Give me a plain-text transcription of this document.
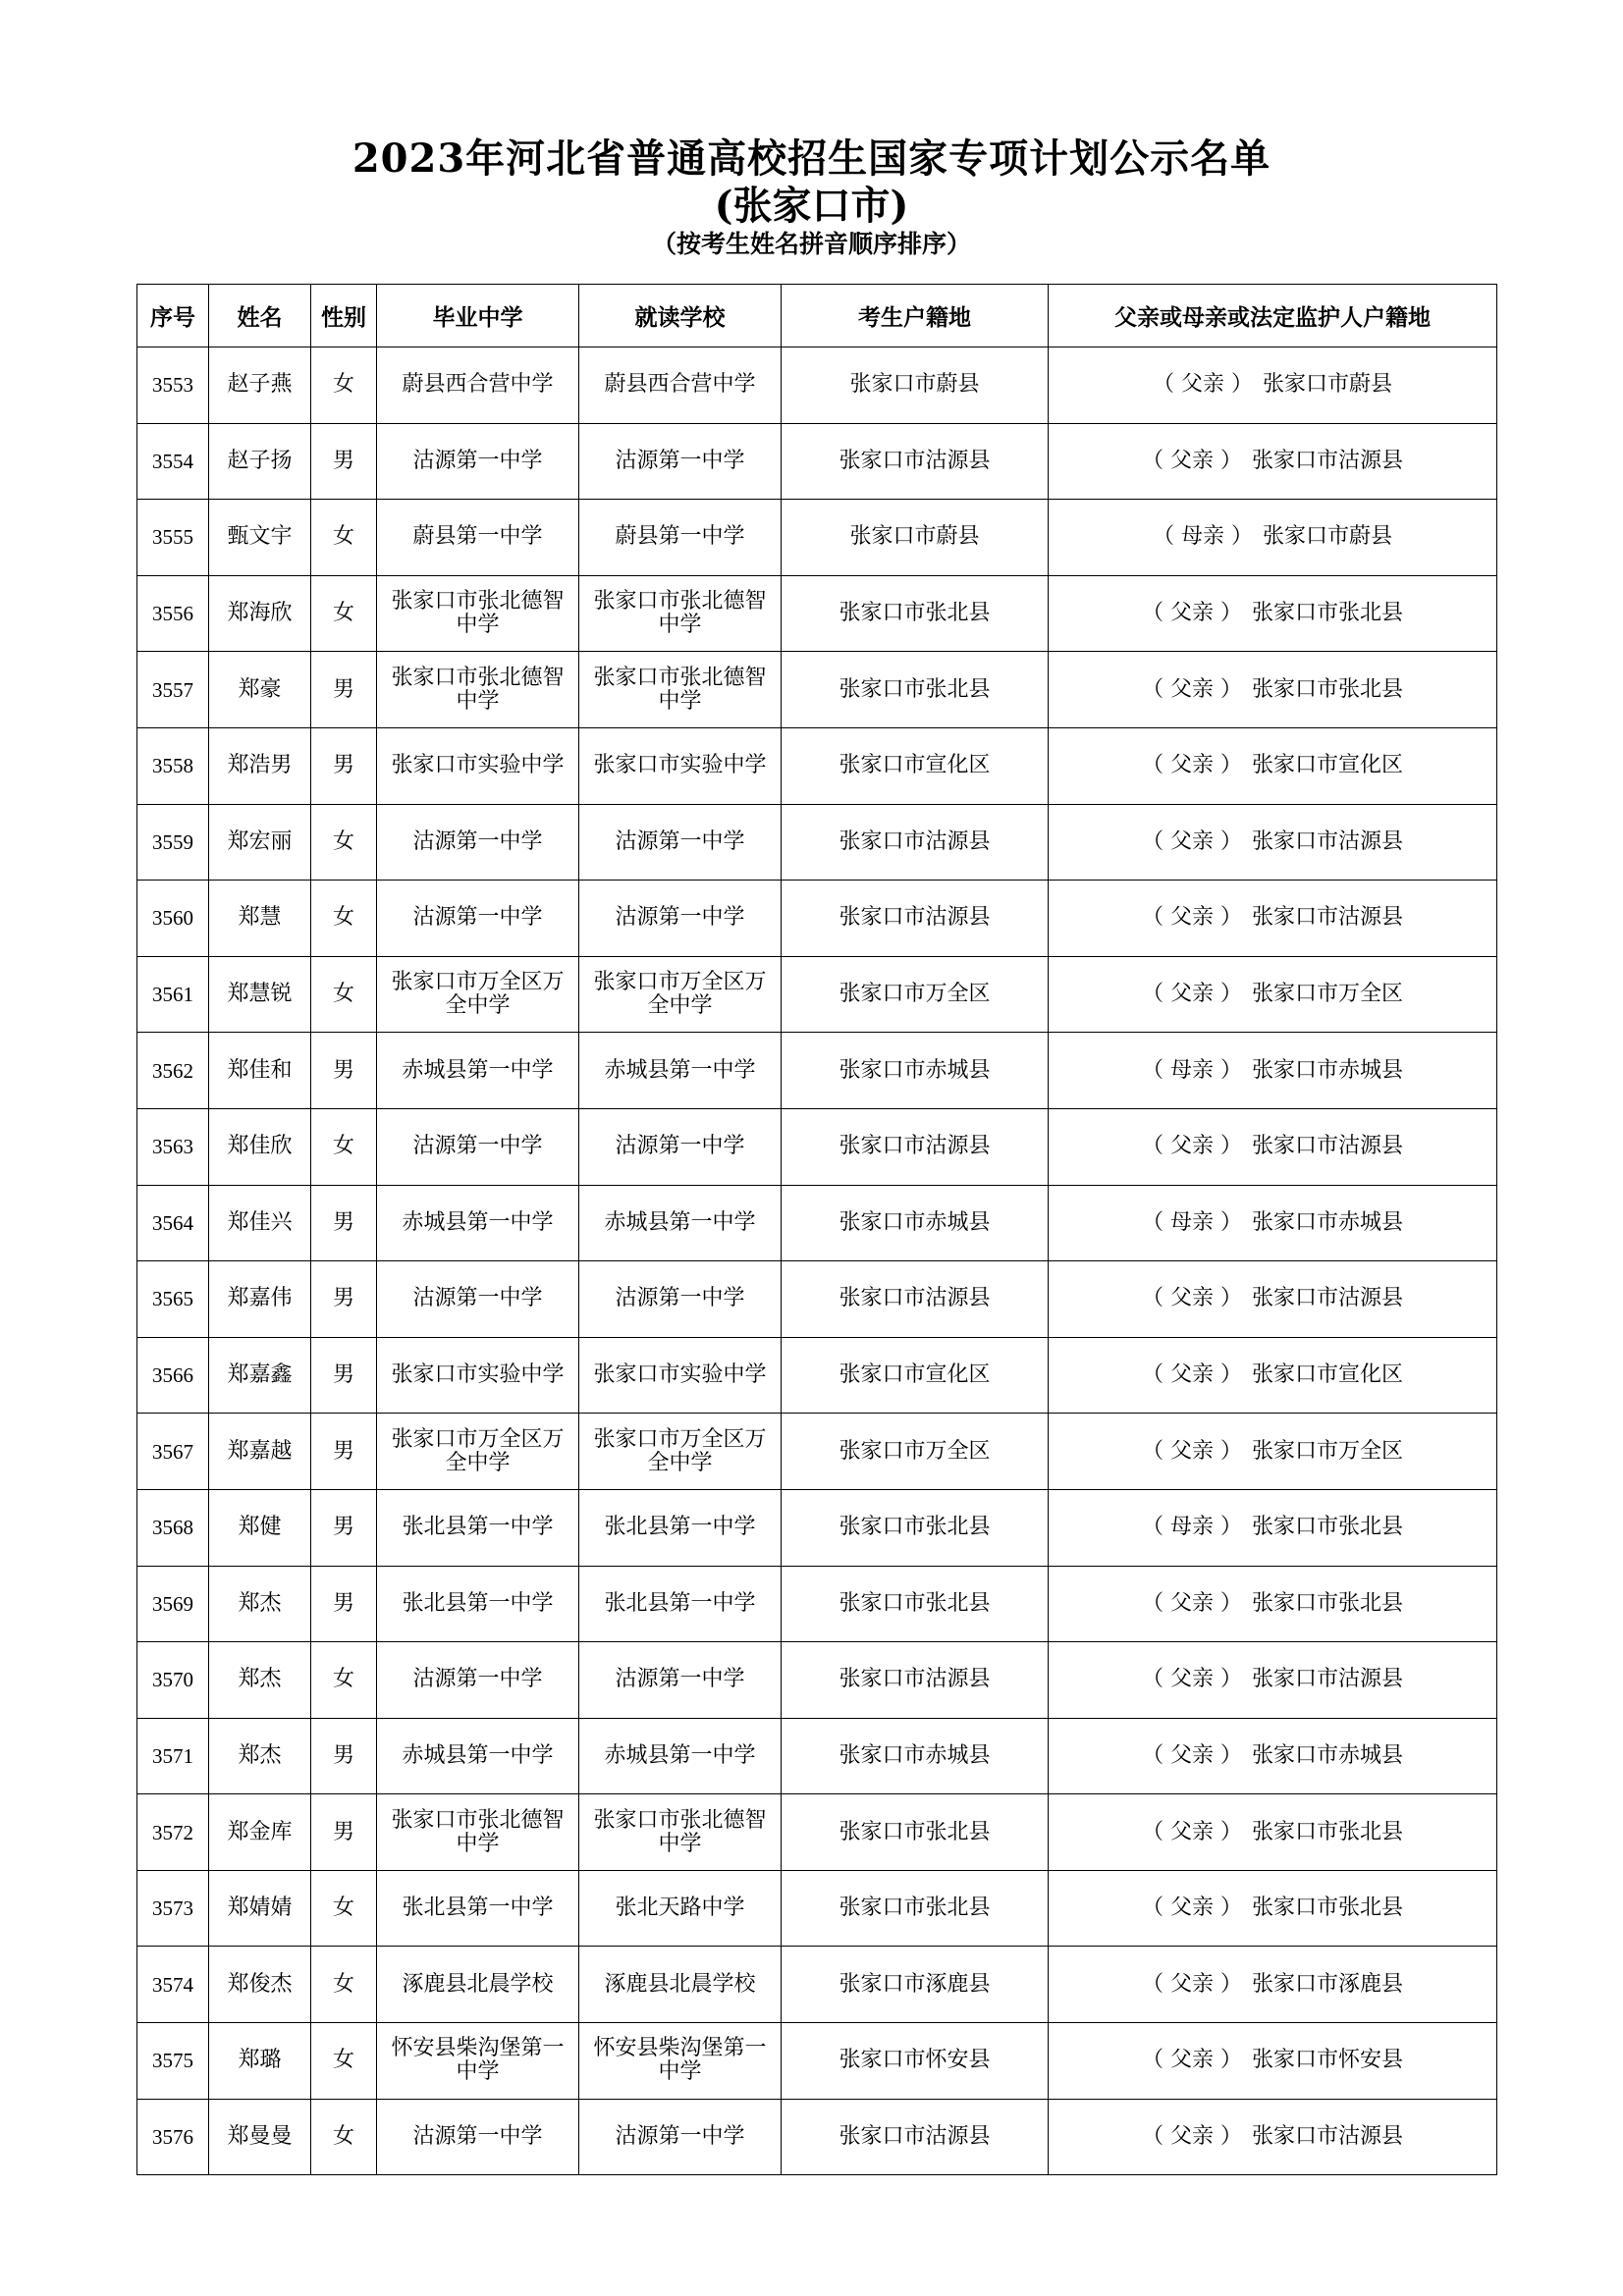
2023年河北省普通高校招生国家专项计划公示名单
(张家口市)
（按考生姓名拼音顺序排序）
序号	姓名	性别	毕业中学	就读学校	考生户籍地	父亲或母亲或法定监护人户籍地
3553	赵子燕	女	蔚县西合营中学	蔚县西合营中学	张家口市蔚县	（ 父亲 ） 张家口市蔚县
3554	赵子扬	男	沽源第一中学	沽源第一中学	张家口市沽源县	（ 父亲 ） 张家口市沽源县
3555	甄文宇	女	蔚县第一中学	蔚县第一中学	张家口市蔚县	（ 母亲 ） 张家口市蔚县
3556	郑海欣	女	张家口市张北德智中学	张家口市张北德智中学	张家口市张北县	（ 父亲 ） 张家口市张北县
3557	郑豪	男	张家口市张北德智中学	张家口市张北德智中学	张家口市张北县	（ 父亲 ） 张家口市张北县
3558	郑浩男	男	张家口市实验中学	张家口市实验中学	张家口市宣化区	（ 父亲 ） 张家口市宣化区
3559	郑宏丽	女	沽源第一中学	沽源第一中学	张家口市沽源县	（ 父亲 ） 张家口市沽源县
3560	郑慧	女	沽源第一中学	沽源第一中学	张家口市沽源县	（ 父亲 ） 张家口市沽源县
3561	郑慧锐	女	张家口市万全区万全中学	张家口市万全区万全中学	张家口市万全区	（ 父亲 ） 张家口市万全区
3562	郑佳和	男	赤城县第一中学	赤城县第一中学	张家口市赤城县	（ 母亲 ） 张家口市赤城县
3563	郑佳欣	女	沽源第一中学	沽源第一中学	张家口市沽源县	（ 父亲 ） 张家口市沽源县
3564	郑佳兴	男	赤城县第一中学	赤城县第一中学	张家口市赤城县	（ 母亲 ） 张家口市赤城县
3565	郑嘉伟	男	沽源第一中学	沽源第一中学	张家口市沽源县	（ 父亲 ） 张家口市沽源县
3566	郑嘉鑫	男	张家口市实验中学	张家口市实验中学	张家口市宣化区	（ 父亲 ） 张家口市宣化区
3567	郑嘉越	男	张家口市万全区万全中学	张家口市万全区万全中学	张家口市万全区	（ 父亲 ） 张家口市万全区
3568	郑健	男	张北县第一中学	张北县第一中学	张家口市张北县	（ 母亲 ） 张家口市张北县
3569	郑杰	男	张北县第一中学	张北县第一中学	张家口市张北县	（ 父亲 ） 张家口市张北县
3570	郑杰	女	沽源第一中学	沽源第一中学	张家口市沽源县	（ 父亲 ） 张家口市沽源县
3571	郑杰	男	赤城县第一中学	赤城县第一中学	张家口市赤城县	（ 父亲 ） 张家口市赤城县
3572	郑金库	男	张家口市张北德智中学	张家口市张北德智中学	张家口市张北县	（ 父亲 ） 张家口市张北县
3573	郑婧婧	女	张北县第一中学	张北天路中学	张家口市张北县	（ 父亲 ） 张家口市张北县
3574	郑俊杰	女	涿鹿县北晨学校	涿鹿县北晨学校	张家口市涿鹿县	（ 父亲 ） 张家口市涿鹿县
3575	郑璐	女	怀安县柴沟堡第一中学	怀安县柴沟堡第一中学	张家口市怀安县	（ 父亲 ） 张家口市怀安县
3576	郑曼曼	女	沽源第一中学	沽源第一中学	张家口市沽源县	（ 父亲 ） 张家口市沽源县
